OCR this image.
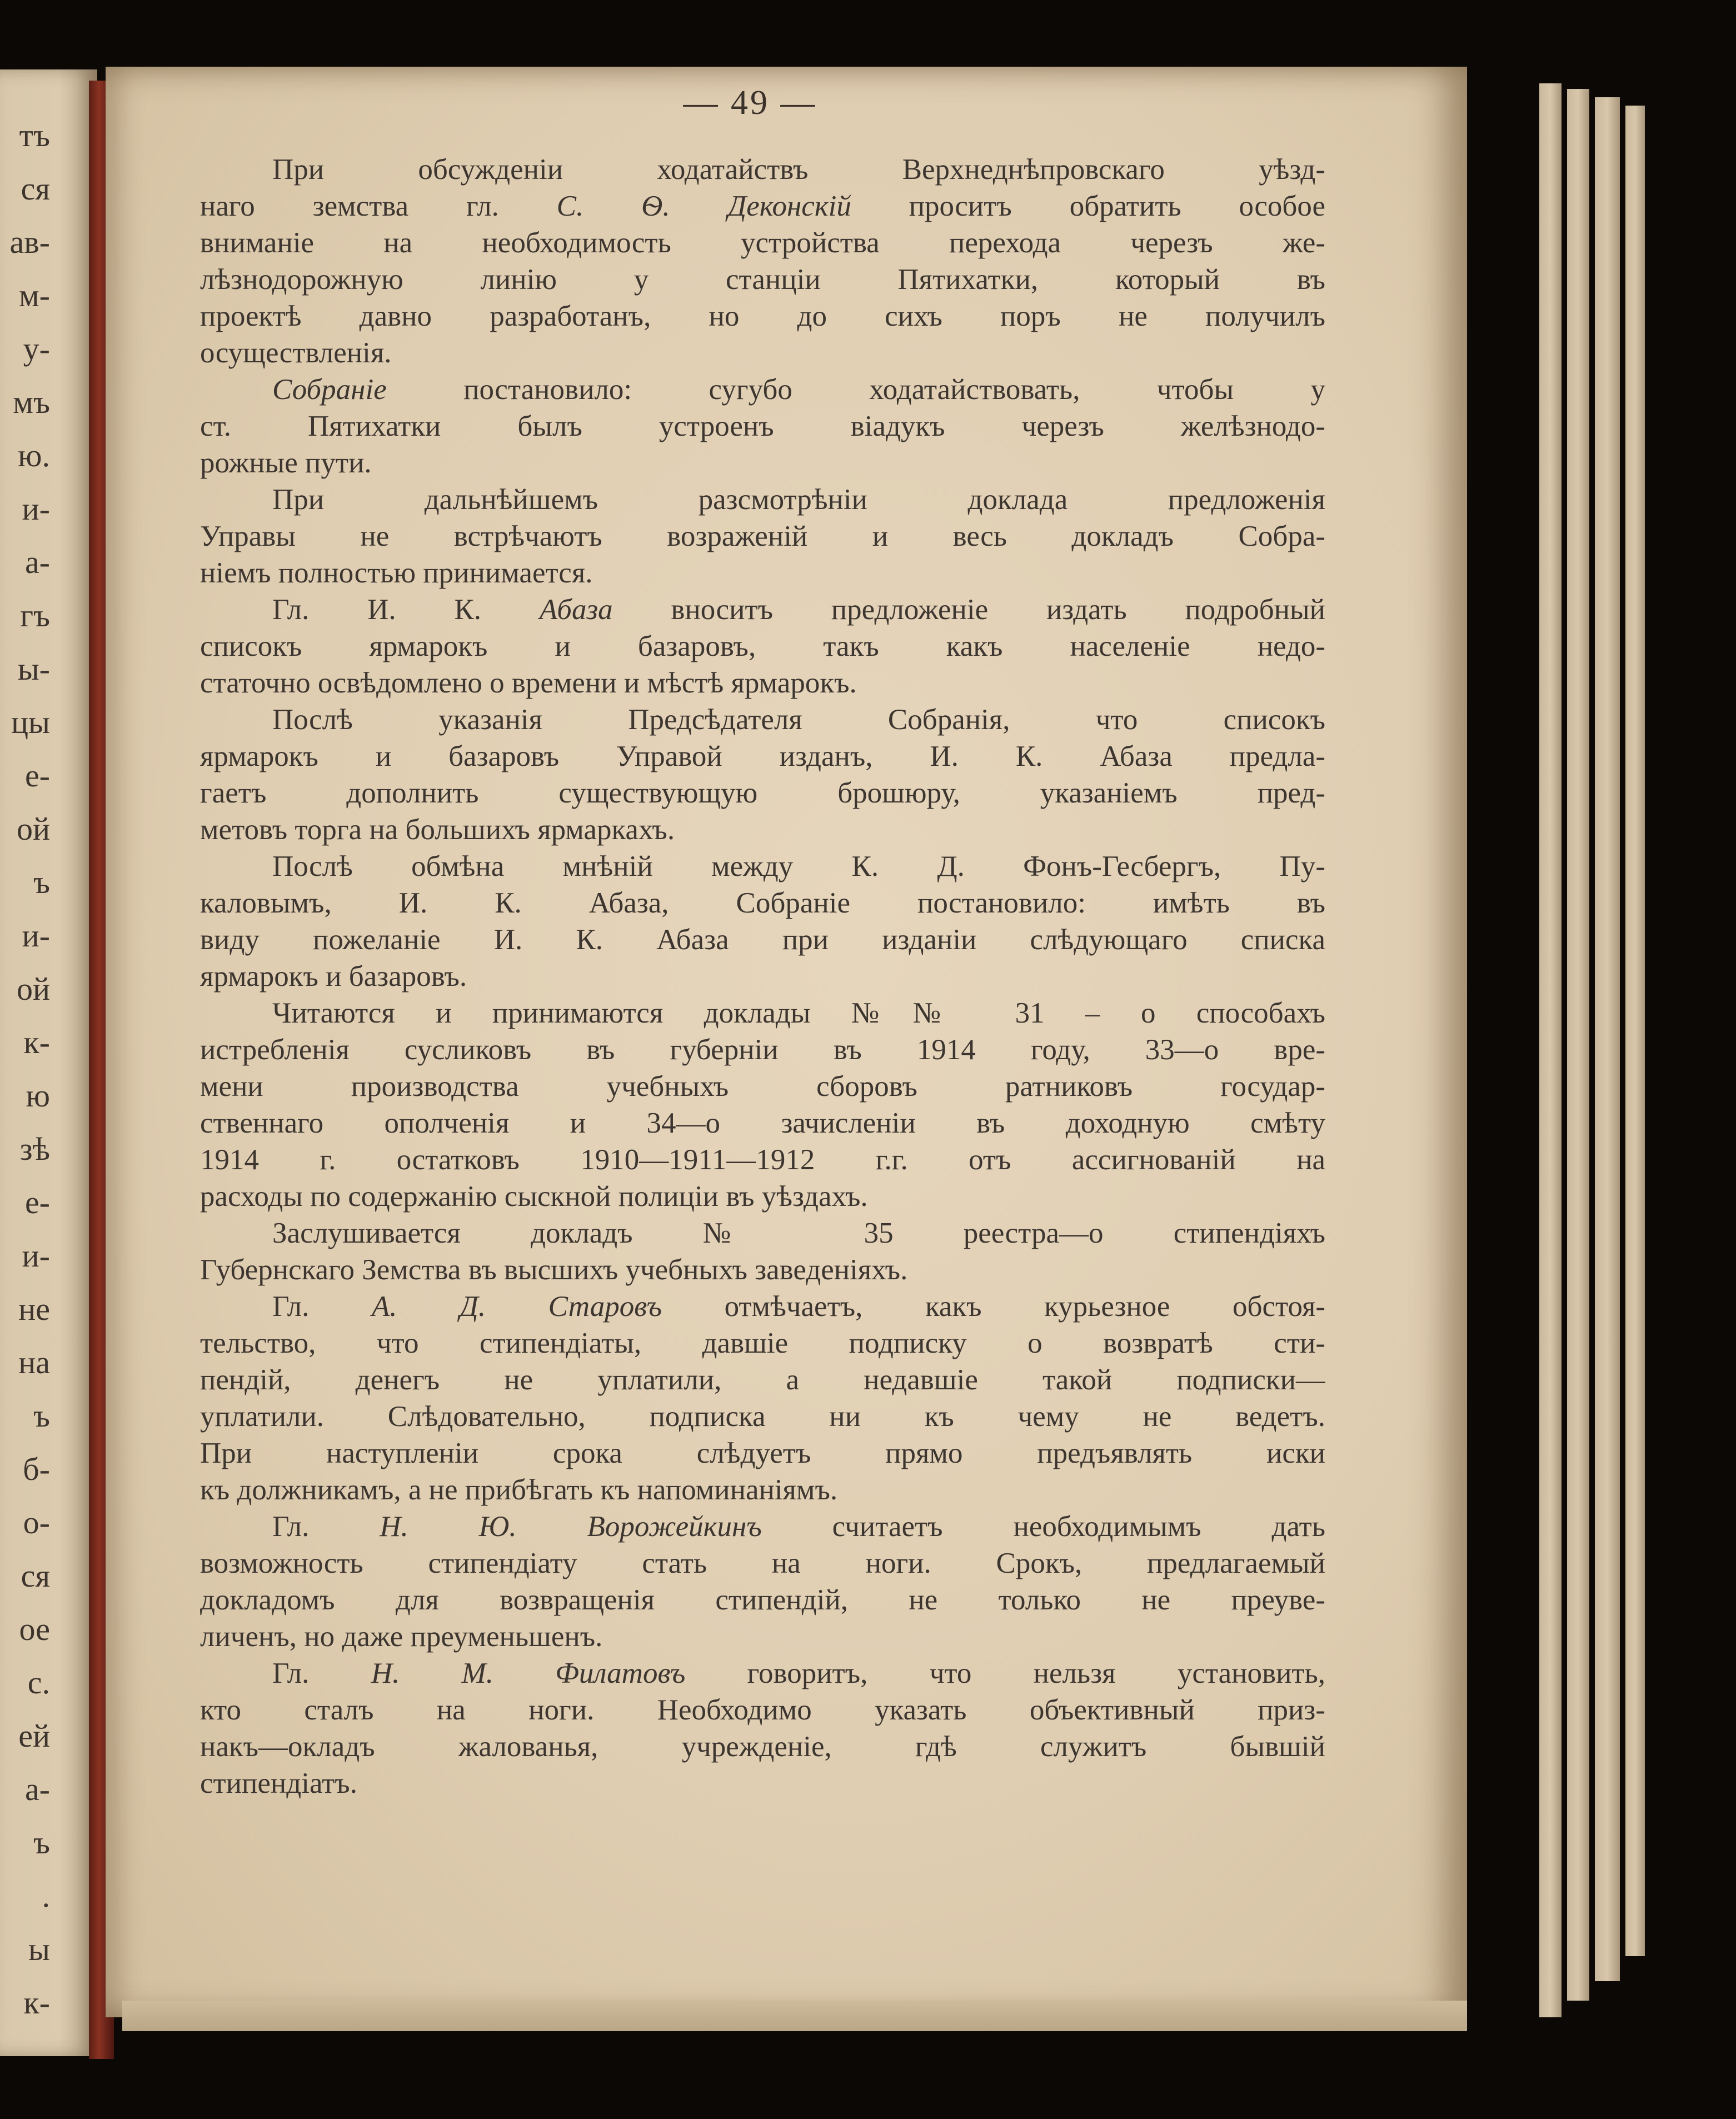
тъ
ся
ав-
м-
у-
мъ
ю.
и-
а-
гъ
ы-
цы
е-
ой
ъ
и-
ой
к-
ю
зѣ
е-
и-
не
на
ъ
б-
о-
ся
ое
с.
ей
а-
ъ
.
ы
к-
— 49 —
При обсужденіи ходатайствъ Верхнеднѣпровскаго уѣзд-
наго земства гл. С. Ѳ. Деконскій проситъ обратить особое
вниманіе на необходимость устройства перехода черезъ же-
лѣзнодорожную линію у станціи Пятихатки, который въ
проектѣ давно разработанъ, но до сихъ поръ не получилъ
осуществленія.
Собраніе постановило: сугубо ходатайствовать, чтобы у
ст. Пятихатки былъ устроенъ віадукъ черезъ желѣзнодо-
рожные пути.
При дальнѣйшемъ разсмотрѣніи доклада предложенія
Управы не встрѣчаютъ возраженій и весь докладъ Собра-
ніемъ полностью принимается.
Гл. И. К. Абаза вноситъ предложеніе издать подробный
списокъ ярмарокъ и базаровъ, такъ какъ населеніе недо-
статочно освѣдомлено о времени и мѣстѣ ярмарокъ.
Послѣ указанія Предсѣдателя Собранія, что списокъ
ярмарокъ и базаровъ Управой изданъ, И. К. Абаза предла-
гаетъ дополнить существующую брошюру, указаніемъ пред-
метовъ торга на большихъ ярмаркахъ.
Послѣ обмѣна мнѣній между К. Д. Фонъ-Гесбергъ, Пу-
каловымъ, И. К. Абаза, Собраніе постановило: имѣть въ
виду пожеланіе И. К. Абаза при изданіи слѣдующаго списка
ярмарокъ и базаровъ.
Читаются и принимаются доклады №№ 31 – о способахъ
истребленія сусликовъ въ губерніи въ 1914 году, 33—о вре-
мени производства учебныхъ сборовъ ратниковъ государ-
ственнаго ополченія и 34—о зачисленіи въ доходную смѣту
1914 г. остатковъ 1910—1911—1912 г.г. отъ ассигнованій на
расходы по содержанію сыскной полиціи въ уѣздахъ.
Заслушивается докладъ № 35 реестра—о стипендіяхъ
Губернскаго Земства въ высшихъ учебныхъ заведеніяхъ.
Гл. А. Д. Старовъ отмѣчаетъ, какъ курьезное обстоя-
тельство, что стипендіаты, давшіе подписку о возвратѣ сти-
пендій, денегъ не уплатили, а недавшіе такой подписки—
уплатили. Слѣдовательно, подписка ни къ чему не ведетъ.
При наступленіи срока слѣдуетъ прямо предъявлять иски
къ должникамъ, а не прибѣгать къ напоминаніямъ.
Гл. Н. Ю. Ворожейкинъ считаетъ необходимымъ дать
возможность стипендіату стать на ноги. Срокъ, предлагаемый
докладомъ для возвращенія стипендій, не только не преуве-
личенъ, но даже преуменьшенъ.
Гл. Н. М. Филатовъ говоритъ, что нельзя установить,
кто сталъ на ноги. Необходимо указать объективный приз-
накъ—окладъ жалованья, учрежденіе, гдѣ служитъ бывшій
стипендіатъ.
